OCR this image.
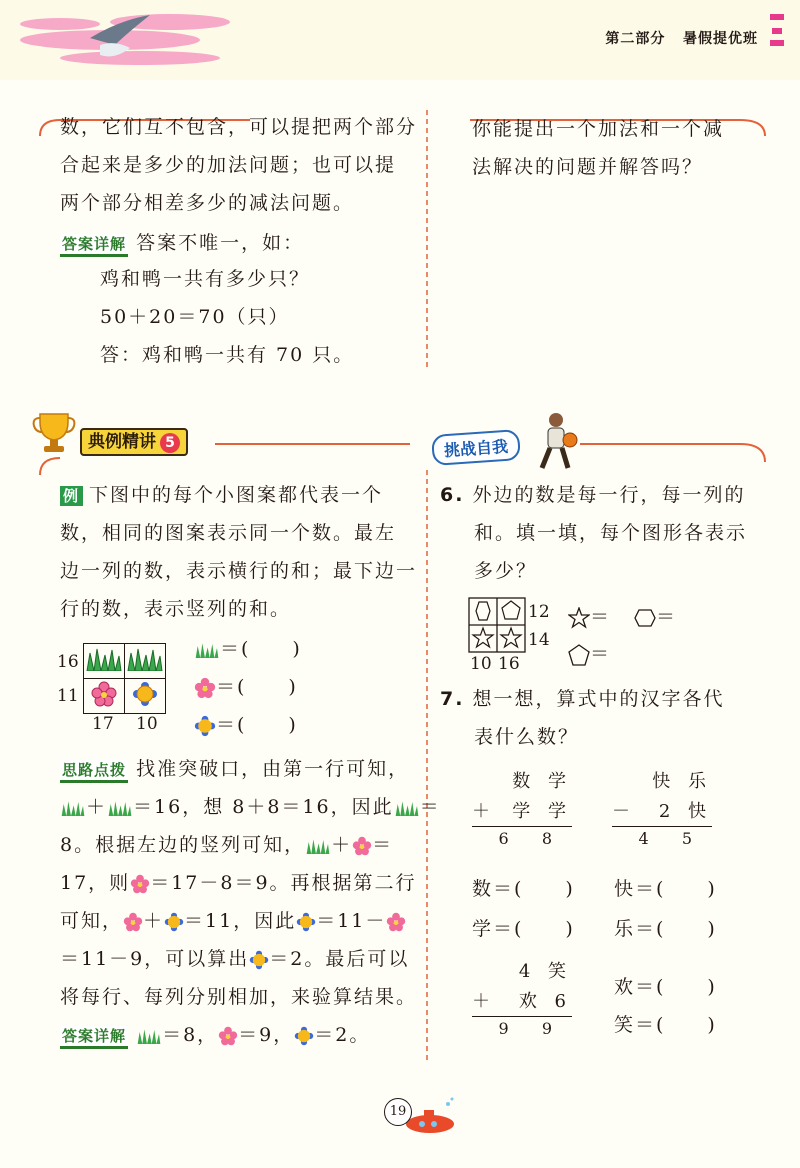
第二部分 暑假提优班
数，它们互不包含，可以提把两个部分
合起来是多少的加法问题；也可以提
两个部分相差多少的减法问题。
答案详解 答案不唯一，如：
鸡和鸭一共有多少只？
50＋20＝70（只）
答：鸡和鸭一共有 70 只。
你能提出一个加法和一个减
法解决的问题并解答吗？
典例精讲 5	挑战自我
例 下图中的每个小图案都代表一个
数，相同的图案表示同一个数。最左
边一列的数，表示横行的和；最下边一
行的数，表示竖列的和。
16
11

17 10
＝(　　)
＝(　　)
＝(　　)
思路点拨 找准突破口，由第一行可知，
＋ ＝16，想 8＋8＝16，因此 ＝
8。根据左边的竖列可知， ＋ ＝
17，则 ＝17－8＝9。再根据第二行
可知， ＋ ＝11，因此 ＝11－
＝11－9，可以算出 ＝2。最后可以
将每行、每列分别相加，来验算结果。
答案详解 ＝8， ＝9， ＝2。
6. 外边的数是每一行，每一列的
和。填一填，每个图形各表示
多少？
12
14
10 16
＝	＝
＝
7. 想一想，算式中的汉字各代
表什么数？
数 学
＋ 学 学
6 8
快 乐
－ 2 快
4 5
数＝(　　)
学＝(　　)
快＝(　　)
乐＝(　　)
4 笑
＋ 欢 6
9 9
欢＝(　　)
笑＝(　　)
19
